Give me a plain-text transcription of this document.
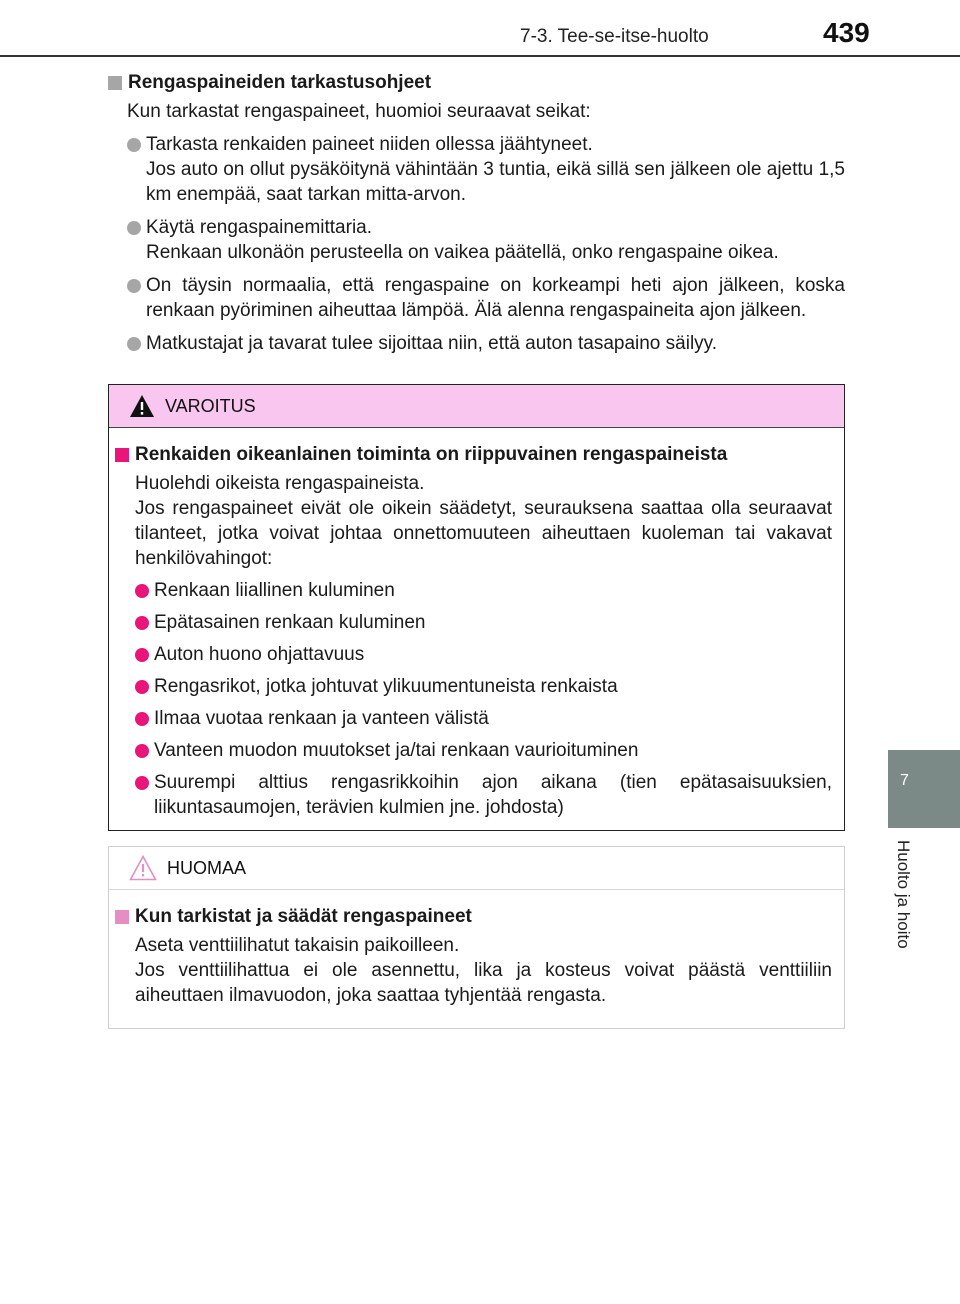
7-3. Tee-se-itse-huolto	439
7
Huolto ja hoito
Rengaspaineiden tarkastusohjeet
Kun tarkastat rengaspaineet, huomioi seuraavat seikat:
Tarkasta renkaiden paineet niiden ollessa jäähtyneet.
Jos auto on ollut pysäköitynä vähintään 3 tuntia, eikä sillä sen jälkeen ole ajettu 1,5 km enempää, saat tarkan mitta-arvon.
Käytä rengaspainemittaria.
Renkaan ulkonäön perusteella on vaikea päätellä, onko rengaspaine oikea.
On täysin normaalia, että rengaspaine on korkeampi heti ajon jälkeen, koska renkaan pyöriminen aiheuttaa lämpöä. Älä alenna rengaspaineita ajon jälkeen.
Matkustajat ja tavarat tulee sijoittaa niin, että auton tasapaino säilyy.
VAROITUS
Renkaiden oikeanlainen toiminta on riippuvainen rengaspaineista
Huolehdi oikeista rengaspaineista.
Jos rengaspaineet eivät ole oikein säädetyt, seurauksena saattaa olla seuraavat tilanteet, jotka voivat johtaa onnettomuuteen aiheuttaen kuoleman tai vakavat henkilövahingot:
Renkaan liiallinen kuluminen
Epätasainen renkaan kuluminen
Auton huono ohjattavuus
Rengasrikot, jotka johtuvat ylikuumentuneista renkaista
Ilmaa vuotaa renkaan ja vanteen välistä
Vanteen muodon muutokset ja/tai renkaan vaurioituminen
Suurempi alttius rengasrikkoihin ajon aikana (tien epätasaisuuksien, liikuntasaumojen, terävien kulmien jne. johdosta)
HUOMAA
Kun tarkistat ja säädät rengaspaineet
Aseta venttiilihatut takaisin paikoilleen.
Jos venttiilihattua ei ole asennettu, lika ja kosteus voivat päästä venttiiliin aiheuttaen ilmavuodon, joka saattaa tyhjentää rengasta.
